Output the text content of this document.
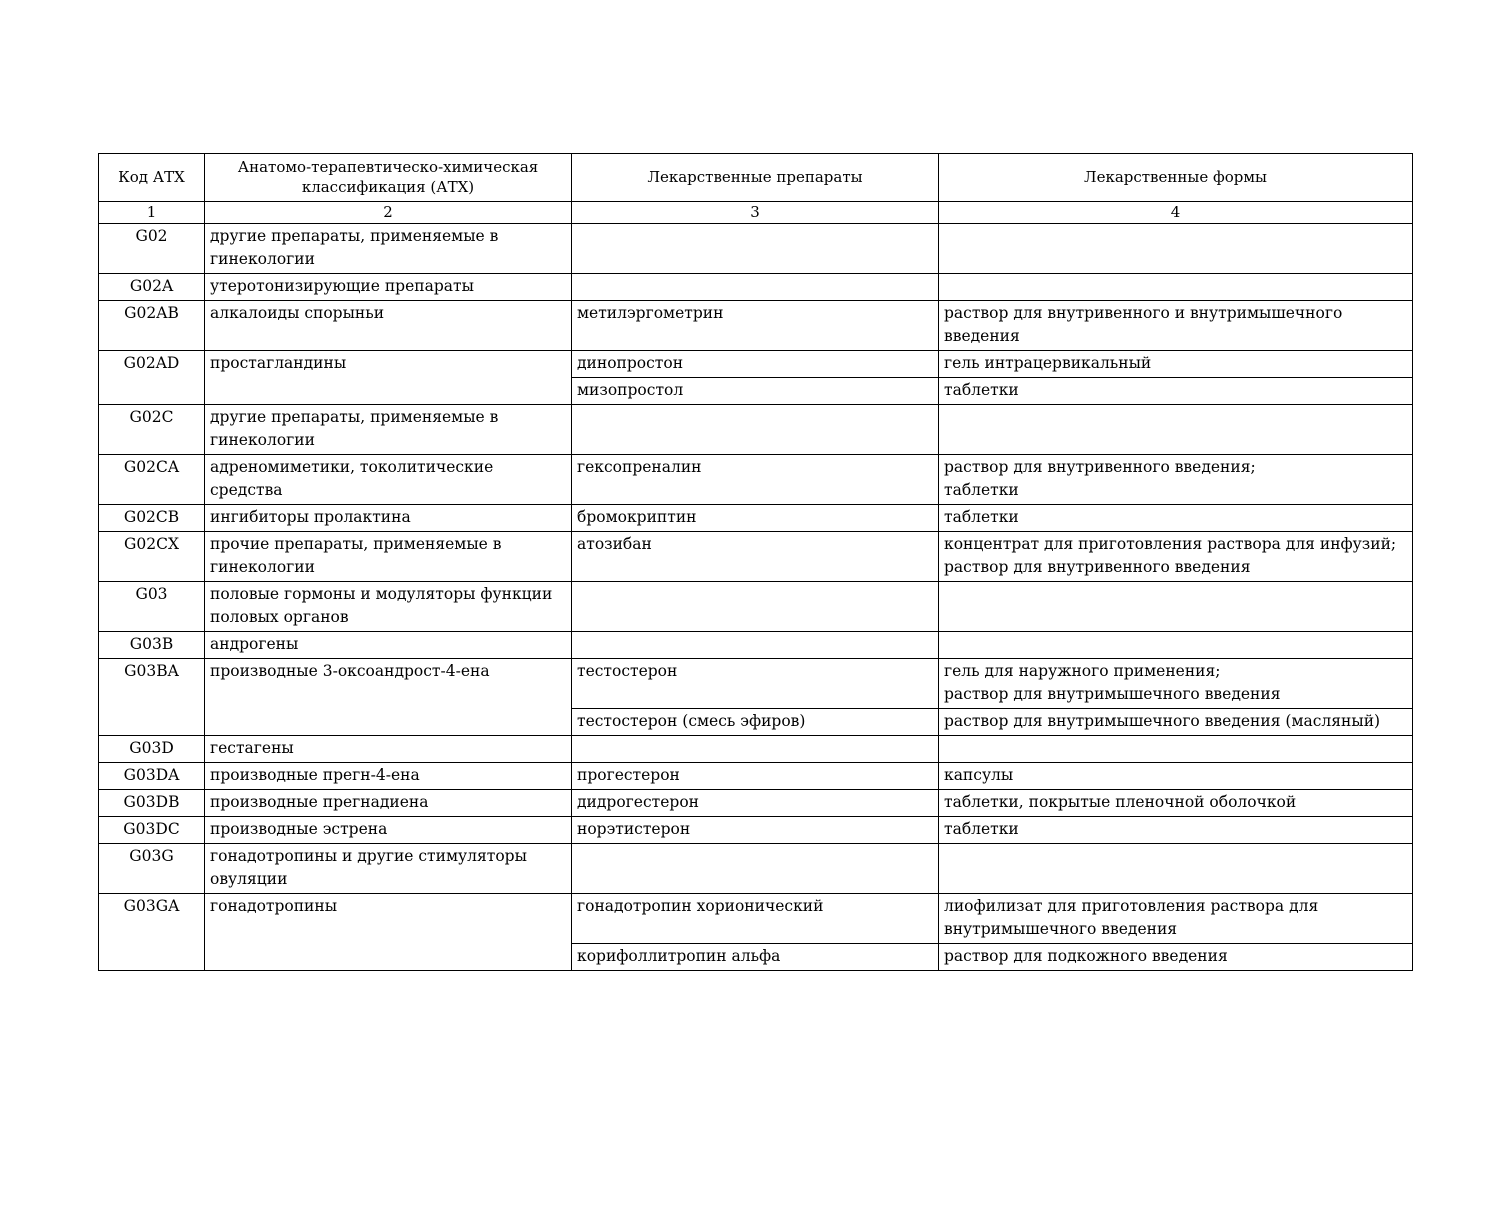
Код АТХ	Анатомо-терапевтическо-химическая классификация (АТХ)	Лекарственные препараты	Лекарственные формы
1	2	3	4
G02	другие препараты, применяемые в гинекологии		
G02A	утеротонизирующие препараты		
G02AB	алкалоиды спорыньи	метилэргометрин	раствор для внутривенного и внутримышечного введения

G02AD	простагландины	динопростон	гель интрацервикальный

		мизопростол	таблетки

G02C	другие препараты, применяемые в гинекологии		
G02CA	адреномиметики, токолитические средства	гексопреналин	раствор для внутривенного введения;
таблетки

G02CB	ингибиторы пролактина	бромокриптин	таблетки

G02CX	прочие препараты, применяемые в гинекологии	атозибан	концентрат для приготовления раствора для инфузий;
раствор для внутривенного введения

G03	половые гормоны и модуляторы функции половых органов		
G03B	андрогены		
G03BA	производные 3-оксоандрост-4-ена	тестостерон	гель для наружного применения;
раствор для внутримышечного введения

		тестостерон (смесь эфиров)	раствор для внутримышечного введения (масляный)

G03D	гестагены		
G03DA	производные прегн-4-ена	прогестерон	капсулы

G03DB	производные прегнадиена	дидрогестерон	таблетки, покрытые пленочной оболочкой

G03DC	производные эстрена	норэтистерон	таблетки

G03G	гонадотропины и другие стимуляторы овуляции		
G03GA	гонадотропины	гонадотропин хорионический	лиофилизат для приготовления раствора для внутримышечного введения

		корифоллитропин альфа	раствор для подкожного введения
